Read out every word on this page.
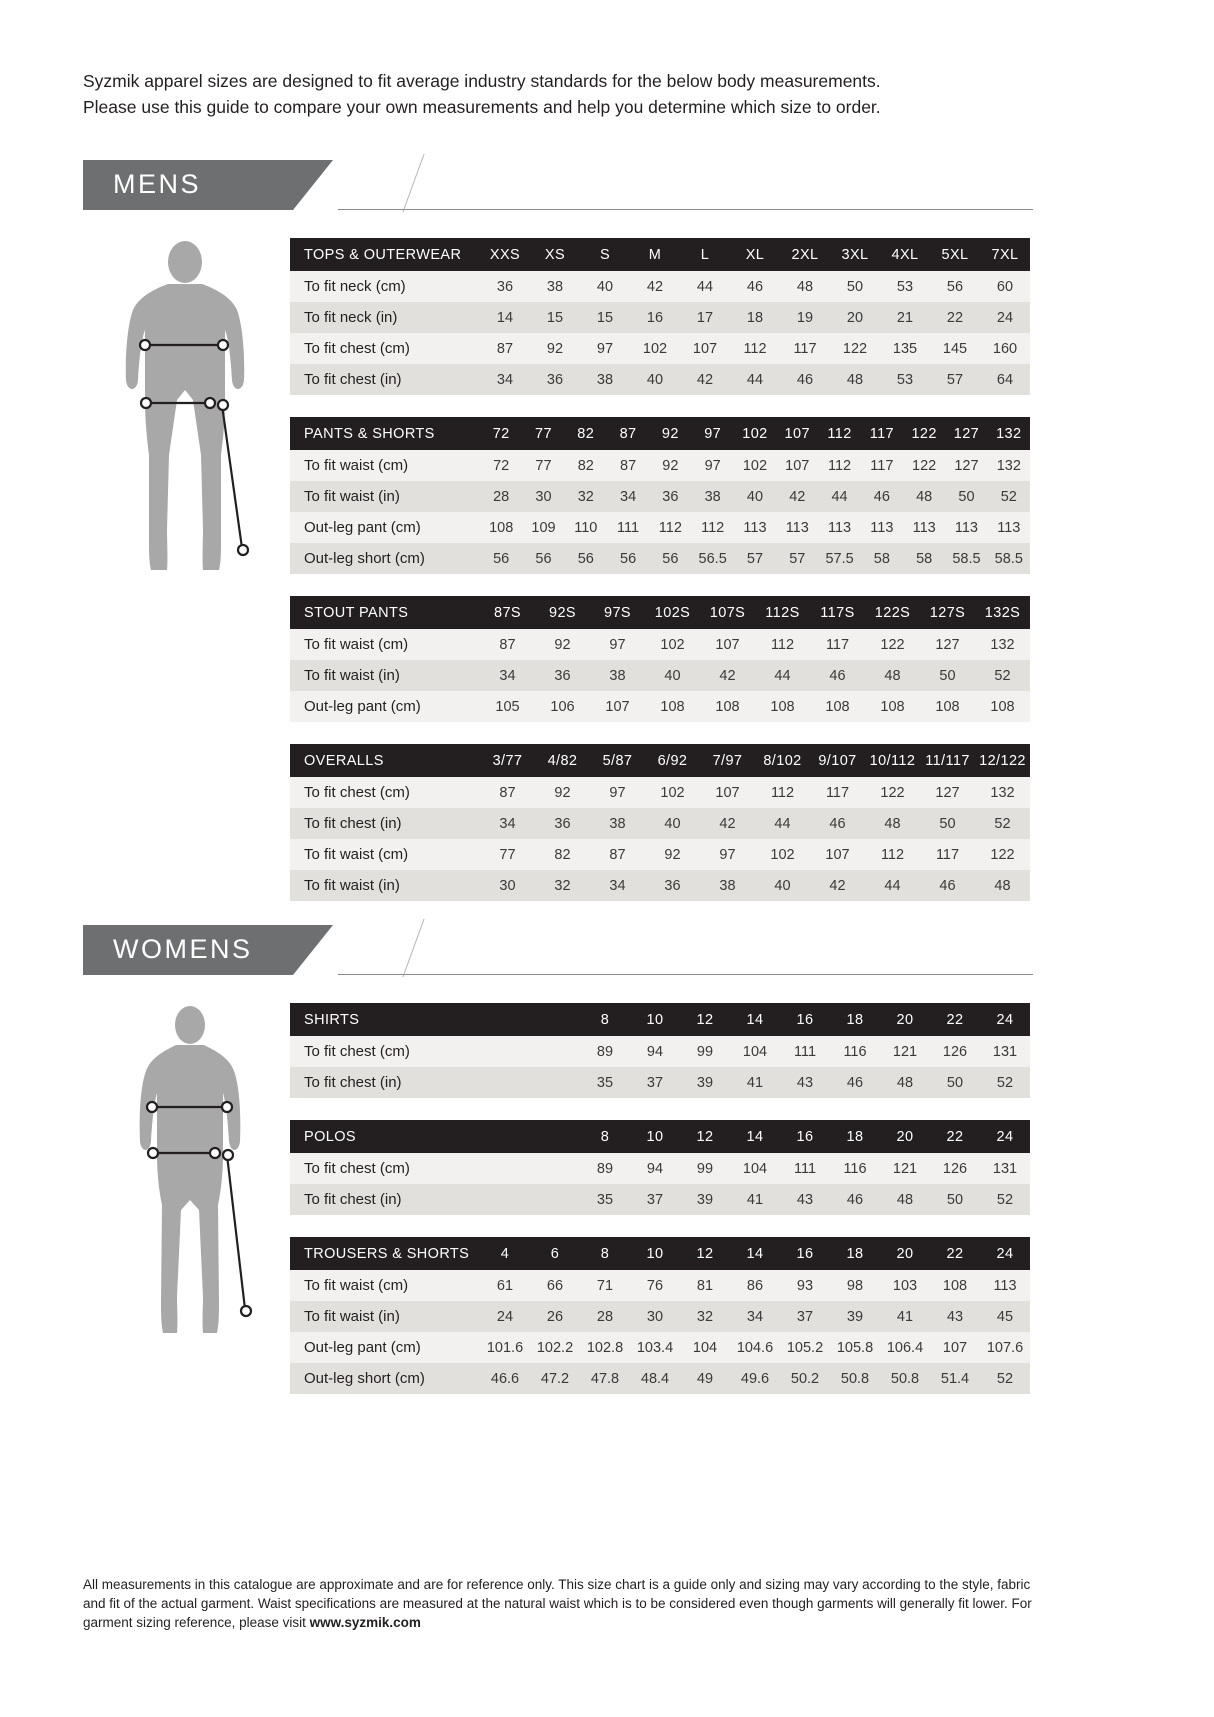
Syzmik apparel sizes are designed to fit average industry standards for the below body measurements.

Please use this guide to compare your own measurements and help you determine which size to order.

MENS
TOPS & OUTERWEAR	XXS	XS	S	M	L	XL	2XL	3XL	4XL	5XL	7XL
To fit neck (cm)	36	38	40	42	44	46	48	50	53	56	60
To fit neck (in)	14	15	15	16	17	18	19	20	21	22	24
To fit chest (cm)	87	92	97	102	107	112	117	122	135	145	160
To fit chest (in)	34	36	38	40	42	44	46	48	53	57	64
PANTS & SHORTS	72	77	82	87	92	97	102	107	112	117	122	127	132
To fit waist (cm)	72	77	82	87	92	97	102	107	112	117	122	127	132
To fit waist (in)	28	30	32	34	36	38	40	42	44	46	48	50	52
Out-leg pant (cm)	108	109	110	111	112	112	113	113	113	113	113	113	113
Out-leg short (cm)	56	56	56	56	56	56.5	57	57	57.5	58	58	58.5	58.5
STOUT PANTS	87S	92S	97S	102S	107S	112S	117S	122S	127S	132S
To fit waist (cm)	87	92	97	102	107	112	117	122	127	132
To fit waist (in)	34	36	38	40	42	44	46	48	50	52
Out-leg pant (cm)	105	106	107	108	108	108	108	108	108	108
OVERALLS	3/77	4/82	5/87	6/92	7/97	8/102	9/107	10/112	11/117	12/122
To fit chest (cm)	87	92	97	102	107	112	117	122	127	132
To fit chest (in)	34	36	38	40	42	44	46	48	50	52
To fit waist (cm)	77	82	87	92	97	102	107	112	117	122
To fit waist (in)	30	32	34	36	38	40	42	44	46	48
WOMENS
SHIRTS			8	10	12	14	16	18	20	22	24
To fit chest (cm)			89	94	99	104	111	116	121	126	131
To fit chest (in)			35	37	39	41	43	46	48	50	52
POLOS			8	10	12	14	16	18	20	22	24
To fit chest (cm)			89	94	99	104	111	116	121	126	131
To fit chest (in)			35	37	39	41	43	46	48	50	52
TROUSERS & SHORTS	4	6	8	10	12	14	16	18	20	22	24
To fit waist (cm)	61	66	71	76	81	86	93	98	103	108	113
To fit waist (in)	24	26	28	30	32	34	37	39	41	43	45
Out-leg pant (cm)	101.6	102.2	102.8	103.4	104	104.6	105.2	105.8	106.4	107	107.6
Out-leg short (cm)	46.6	47.2	47.8	48.4	49	49.6	50.2	50.8	50.8	51.4	52
All measurements in this catalogue are approximate and are for reference only. This size chart is a guide only and sizing may vary according to the style, fabric and fit of the actual garment. Waist specifications are measured at the natural waist which is to be considered even though garments will generally fit lower. For garment sizing reference, please visit www.syzmik.com
